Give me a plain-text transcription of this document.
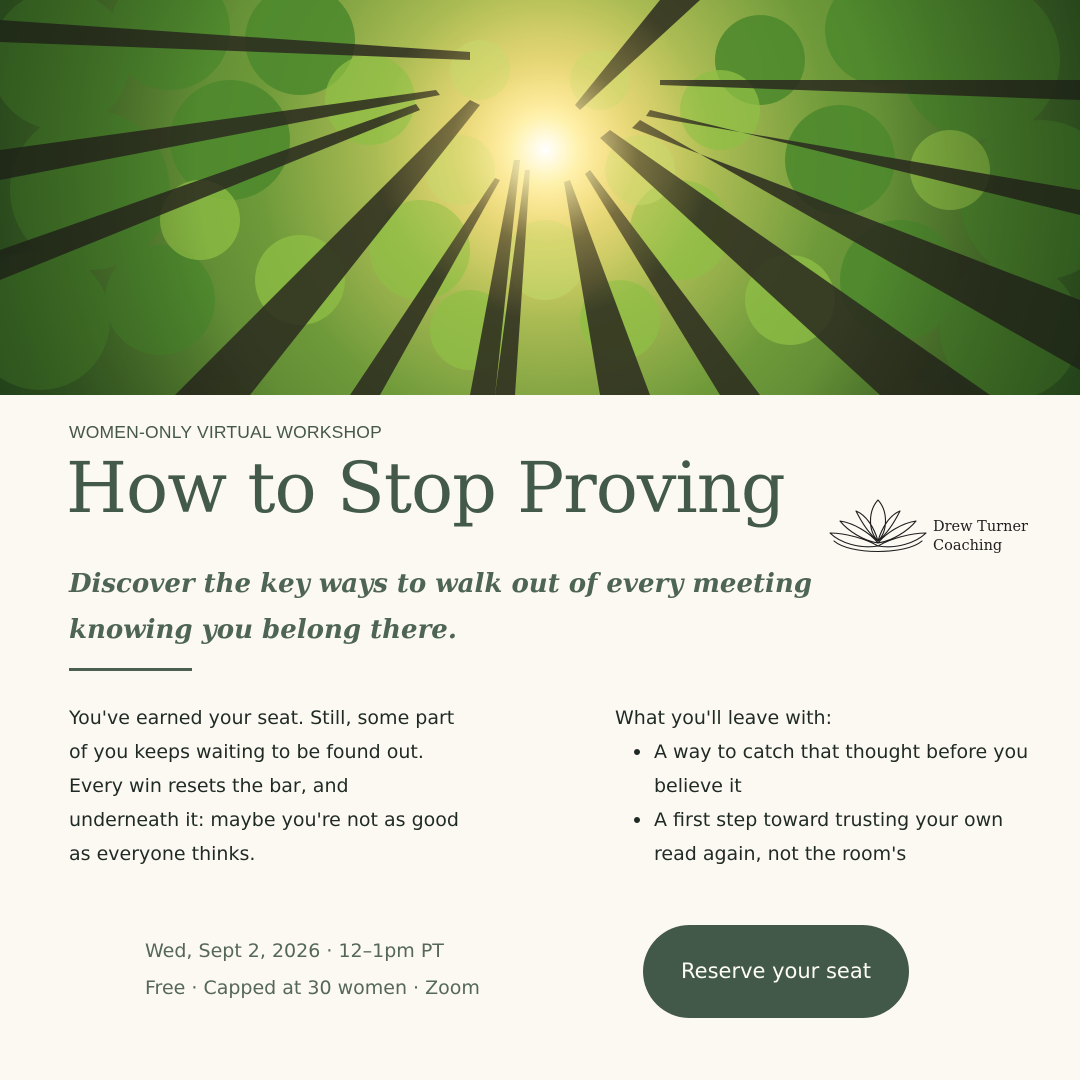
WOMEN-ONLY VIRTUAL WORKSHOP
How to Stop Proving

Discover the key ways to walk out of every meeting knowing you belong there.

Drew Turner
Coaching

You've earned your seat. Still, some part of you keeps waiting to be found out. Every win resets the bar, and underneath it: maybe you're not as good as everyone thinks.

What you'll leave with:
A way to catch that thought before you believe it
A first step toward trusting your own read again, not the room's
Wed, Sept 2, 2026 · 12–1pm PT
Free · Capped at 30 women · Zoom
Reserve your seat
